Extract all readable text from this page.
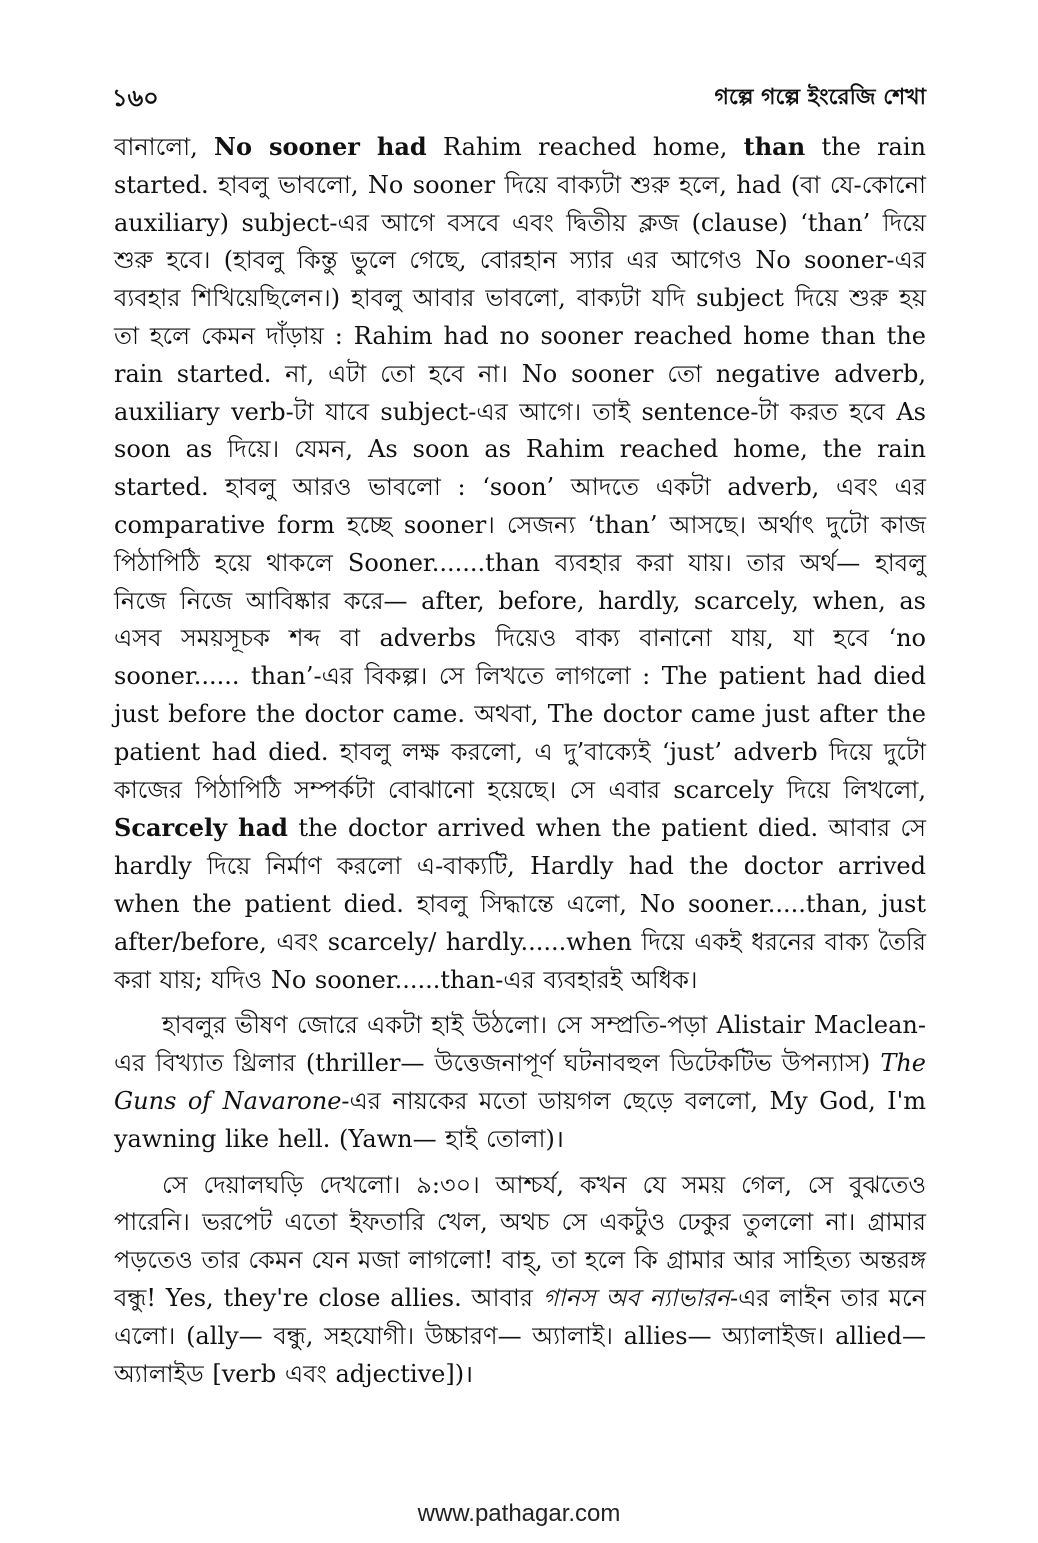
১৬০	গল্পে গল্পে ইংরেজি শেখা

বানালো, No sooner had Rahim reached home, than the rain started. হাবলু ভাবলো, No sooner দিয়ে বাক্যটা শুরু হলে, had (বা যে-কোনো auxiliary) subject-এর আগে বসবে এবং দ্বিতীয় ক্লজ (clause) ‘than’ দিয়ে শুরু হবে। (হাবলু কিন্তু ভুলে গেছে, বোরহান স্যার এর আগেও No sooner-এর ব্যবহার শিখিয়েছিলেন।) হাবলু আবার ভাবলো, বাক্যটা যদি subject দিয়ে শুরু হয় তা হলে কেমন দাঁড়ায় : Rahim had no sooner reached home than the rain started. না, এটা তো হবে না। No sooner তো negative adverb, auxiliary verb-টা যাবে subject-এর আগে। তাই sentence-টা করত হবে As soon as দিয়ে। যেমন, As soon as Rahim reached home, the rain started. হাবলু আরও ভাবলো : ‘soon’ আদতে একটা adverb, এবং এর comparative form হচ্ছে sooner। সেজন্য ‘than’ আসছে। অর্থাৎ দুটো কাজ পিঠাপিঠি হয়ে থাকলে Sooner.......than ব্যবহার করা যায়। তার অর্থ— হাবলু নিজে নিজে আবিষ্কার করে— after, before, hardly, scarcely, when, as এসব সময়সূচক শব্দ বা adverbs দিয়েও বাক্য বানানো যায়, যা হবে ‘no sooner...... than’-এর বিকল্প। সে লিখতে লাগলো : The patient had died just before the doctor came. অথবা, The doctor came just after the patient had died. হাবলু লক্ষ করলো, এ দু’বাক্যেই ‘just’ adverb দিয়ে দুটো কাজের পিঠাপিঠি সম্পর্কটা বোঝানো হয়েছে। সে এবার scarcely দিয়ে লিখলো, Scarcely had the doctor arrived when the patient died. আবার সে hardly দিয়ে নির্মাণ করলো এ-বাক্যটি, Hardly had the doctor arrived when the patient died. হাবলু সিদ্ধান্তে এলো, No sooner.....than, just after/before, এবং scarcely/ hardly......when দিয়ে একই ধরনের বাক্য তৈরি করা যায়; যদিও No sooner......than-এর ব্যবহারই অধিক।

হাবলুর ভীষণ জোরে একটা হাই উঠলো। সে সম্প্রতি-পড়া Alistair Maclean-এর বিখ্যাত থ্রিলার (thriller— উত্তেজনাপূর্ণ ঘটনাবহুল ডিটেকটিভ উপন্যাস) The Guns of Navarone-এর নায়কের মতো ডায়গল ছেড়ে বললো, My God, I'm yawning like hell. (Yawn— হাই তোলা)।

সে দেয়ালঘড়ি দেখলো। ৯:৩০। আশ্চর্য, কখন যে সময় গেল, সে বুঝতেও পারেনি। ভরপেট এতো ইফতারি খেল, অথচ সে একটুও ঢেকুর তুললো না। গ্রামার পড়তেও তার কেমন যেন মজা লাগলো! বাহ্, তা হলে কি গ্রামার আর সাহিত্য অন্তরঙ্গ বন্ধু! Yes, they're close allies. আবার গানস অব ন্যাভারন-এর লাইন তার মনে এলো। (ally— বন্ধু, সহযোগী। উচ্চারণ— অ্যালাই। allies— অ্যালাইজ। allied— অ্যালাইড [verb এবং adjective])।

www.pathagar.com
